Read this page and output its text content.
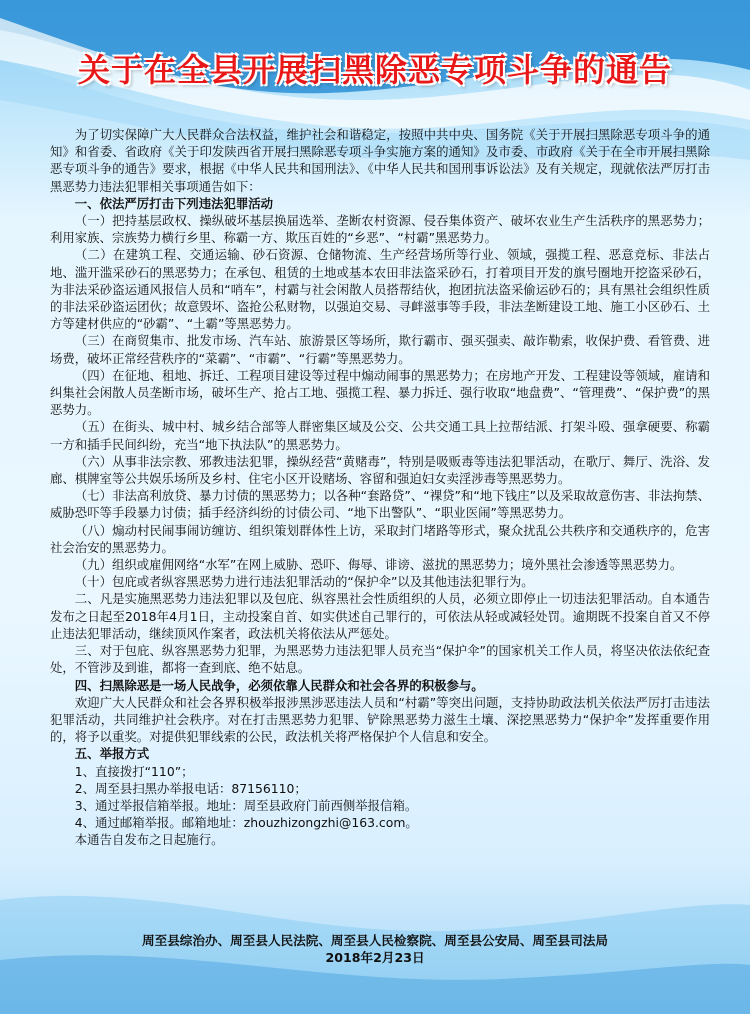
关于在全县开展扫黑除恶专项斗争的通告

为了切实保障广大人民群众合法权益，维护社会和谐稳定，按照中共中央、国务院《关于开展扫黑除恶专项斗争的通知》和省委、省政府《关于印发陕西省开展扫黑除恶专项斗争实施方案的通知》及市委、市政府《关于在全市开展扫黑除恶专项斗争的通告》要求，根据《中华人民共和国刑法》、《中华人民共和国刑事诉讼法》及有关规定，现就依法严厉打击黑恶势力违法犯罪相关事项通告如下：

一、依法严厉打击下列违法犯罪活动

（一）把持基层政权、操纵破坏基层换届选举、垄断农村资源、侵吞集体资产、破坏农业生产生活秩序的黑恶势力；利用家族、宗族势力横行乡里、称霸一方、欺压百姓的“乡恶”、“村霸”黑恶势力。

（二）在建筑工程、交通运输、砂石资源、仓储物流、生产经营场所等行业、领域，强揽工程、恶意竞标、非法占地、滥开滥采砂石的黑恶势力；在承包、租赁的土地或基本农田非法盗采砂石，打着项目开发的旗号圈地开挖盗采砂石，为非法采砂盗运通风报信人员和“哨车”，村霸与社会闲散人员搭帮结伙，抱团抗法盗采偷运砂石的；具有黑社会组织性质的非法采砂盗运团伙；故意毁坏、盗抢公私财物，以强迫交易、寻衅滋事等手段，非法垄断建设工地、施工小区砂石、土方等建材供应的“砂霸”、“土霸”等黑恶势力。

（三）在商贸集市、批发市场、汽车站、旅游景区等场所，欺行霸市、强买强卖、敲诈勒索，收保护费、看管费、进场费，破坏正常经营秩序的“菜霸”、“市霸”、“行霸”等黑恶势力。

（四）在征地、租地、拆迁、工程项目建设等过程中煽动闹事的黑恶势力；在房地产开发、工程建设等领域，雇请和纠集社会闲散人员垄断市场，破坏生产、抢占工地、强揽工程、暴力拆迁、强行收取“地盘费”、“管理费”、“保护费”的黑恶势力。

（五）在街头、城中村、城乡结合部等人群密集区域及公交、公共交通工具上拉帮结派、打架斗殴、强拿硬要、称霸一方和插手民间纠纷，充当“地下执法队”的黑恶势力。

（六）从事非法宗教、邪教违法犯罪，操纵经营“黄赌毒”，特别是吸贩毒等违法犯罪活动，在歌厅、舞厅、洗浴、发廊、棋牌室等公共娱乐场所及乡村、住宅小区开设赌场、容留和强迫妇女卖淫涉毒等黑恶势力。

（七）非法高利放贷、暴力讨债的黑恶势力；以各种“套路贷”、“裸贷”和“地下钱庄”以及采取故意伤害、非法拘禁、威胁恐吓等手段暴力讨债；插手经济纠纷的讨债公司、“地下出警队”、“职业医闹”等黑恶势力。

（八）煽动村民闹事闹访缠访、组织策划群体性上访，采取封门堵路等形式，聚众扰乱公共秩序和交通秩序的，危害社会治安的黑恶势力。

（九）组织或雇佣网络“水军”在网上威胁、恐吓、侮辱、诽谤、滋扰的黑恶势力；境外黑社会渗透等黑恶势力。

（十）包庇或者纵容黑恶势力进行违法犯罪活动的“保护伞”以及其他违法犯罪行为。

二、凡是实施黑恶势力违法犯罪以及包庇、纵容黑社会性质组织的人员，必须立即停止一切违法犯罪活动。自本通告发布之日起至2018年4月1日，主动投案自首、如实供述自己罪行的，可依法从轻或减轻处罚。逾期既不投案自首又不停止违法犯罪活动，继续顶风作案者，政法机关将依法从严惩处。

三、对于包庇、纵容黑恶势力犯罪，为黑恶势力违法犯罪人员充当“保护伞”的国家机关工作人员，将坚决依法依纪查处，不管涉及到谁，都将一查到底、绝不姑息。

四、扫黑除恶是一场人民战争，必须依靠人民群众和社会各界的积极参与。

欢迎广大人民群众和社会各界积极举报涉黑涉恶违法人员和“村霸”等突出问题，支持协助政法机关依法严厉打击违法犯罪活动，共同维护社会秩序。对在打击黑恶势力犯罪、铲除黑恶势力滋生土壤、深挖黑恶势力“保护伞”发挥重要作用的，将予以重奖。对提供犯罪线索的公民，政法机关将严格保护个人信息和安全。

五、举报方式

1、直接拨打“110”；

2、周至县扫黑办举报电话：87156110；

3、通过举报信箱举报。地址：周至县政府门前西侧举报信箱。

4、通过邮箱举报。邮箱地址：zhouzhizongzhi@163.com。

本通告自发布之日起施行。

周至县综治办、周至县人民法院、周至县人民检察院、周至县公安局、周至县司法局
2018年2月23日
